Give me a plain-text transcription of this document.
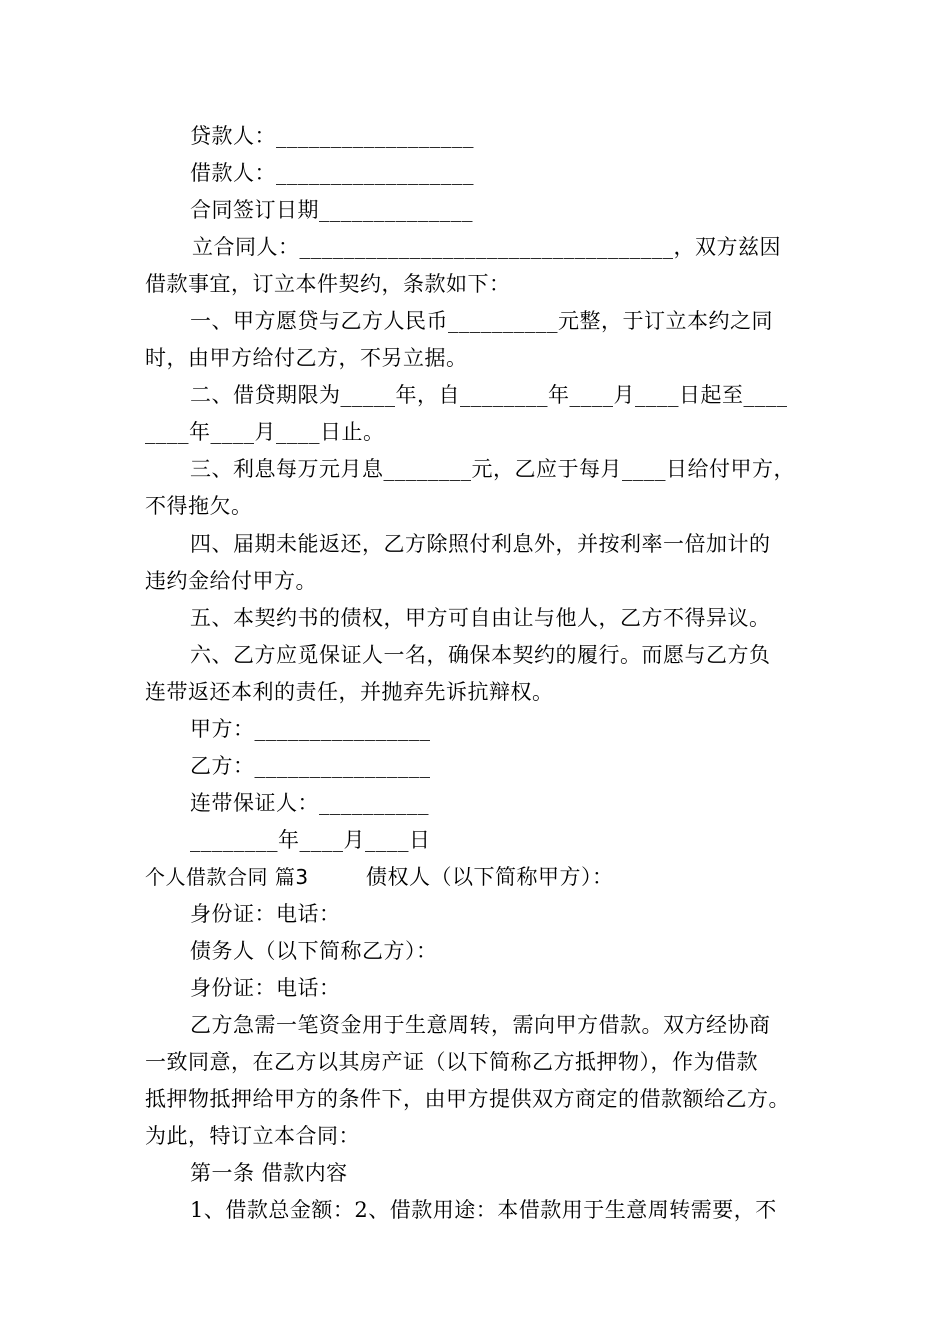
贷款人：__________________
借款人：__________________
合同签订日期______________
立合同人：__________________________________，双方兹因
借款事宜，订立本件契约，条款如下：
一、甲方愿贷与乙方人民币__________元整，于订立本约之同
时，由甲方给付乙方，不另立据。
二、借贷期限为_____年，自________年____月____日起至____
____年____月____日止。
三、利息每万元月息________元，乙应于每月____日给付甲方，
不得拖欠。
四、届期未能返还，乙方除照付利息外，并按利率一倍加计的
违约金给付甲方。
五、本契约书的债权，甲方可自由让与他人，乙方不得异议。
六、乙方应觅保证人一名，确保本契约的履行。而愿与乙方负
连带返还本利的责任，并抛弃先诉抗辩权。
甲方：________________
乙方：________________
连带保证人：__________
________年____月____日
个人借款合同 篇3	债权人（以下简称甲方）：
身份证：电话：
债务人（以下简称乙方）：
身份证：电话：
乙方急需一笔资金用于生意周转，需向甲方借款。双方经协商
一致同意，在乙方以其房产证（以下简称乙方抵押物），作为借款
抵押物抵押给甲方的条件下，由甲方提供双方商定的借款额给乙方。
为此，特订立本合同：
第一条 借款内容
1、借款总金额：2、借款用途：本借款用于生意周转需要，不
